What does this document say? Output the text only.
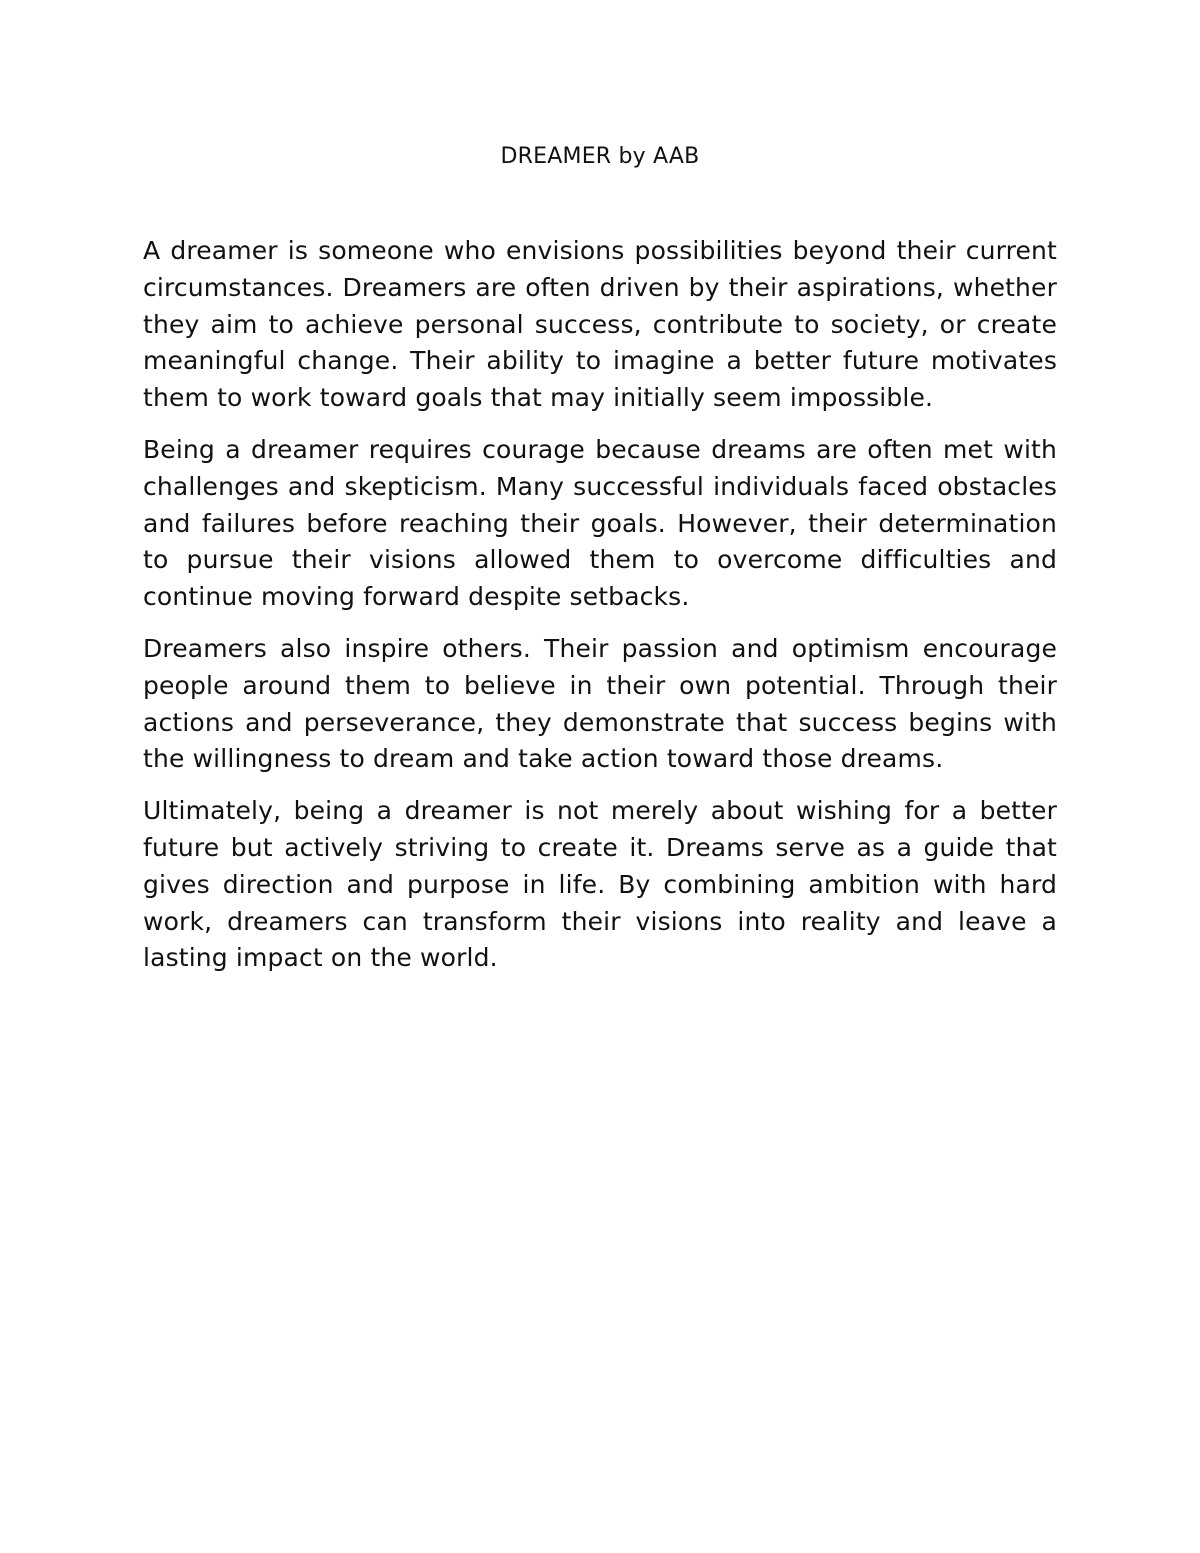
DREAMER by AAB

A dreamer is someone who envisions possibilities beyond their current circumstances. Dreamers are often driven by their aspirations, whether they aim to achieve personal success, contribute to society, or create meaningful change. Their ability to imagine a better future motivates them to work toward goals that may initially seem impossible.

Being a dreamer requires courage because dreams are often met with challenges and skepticism. Many successful individuals faced obstacles and failures before reaching their goals. However, their determination to pursue their visions allowed them to overcome difficulties and continue moving forward despite setbacks.

Dreamers also inspire others. Their passion and optimism encourage people around them to believe in their own potential. Through their actions and perseverance, they demonstrate that success begins with the willingness to dream and take action toward those dreams.

Ultimately, being a dreamer is not merely about wishing for a better future but actively striving to create it. Dreams serve as a guide that gives direction and purpose in life. By combining ambition with hard work, dreamers can transform their visions into reality and leave a lasting impact on the world.
